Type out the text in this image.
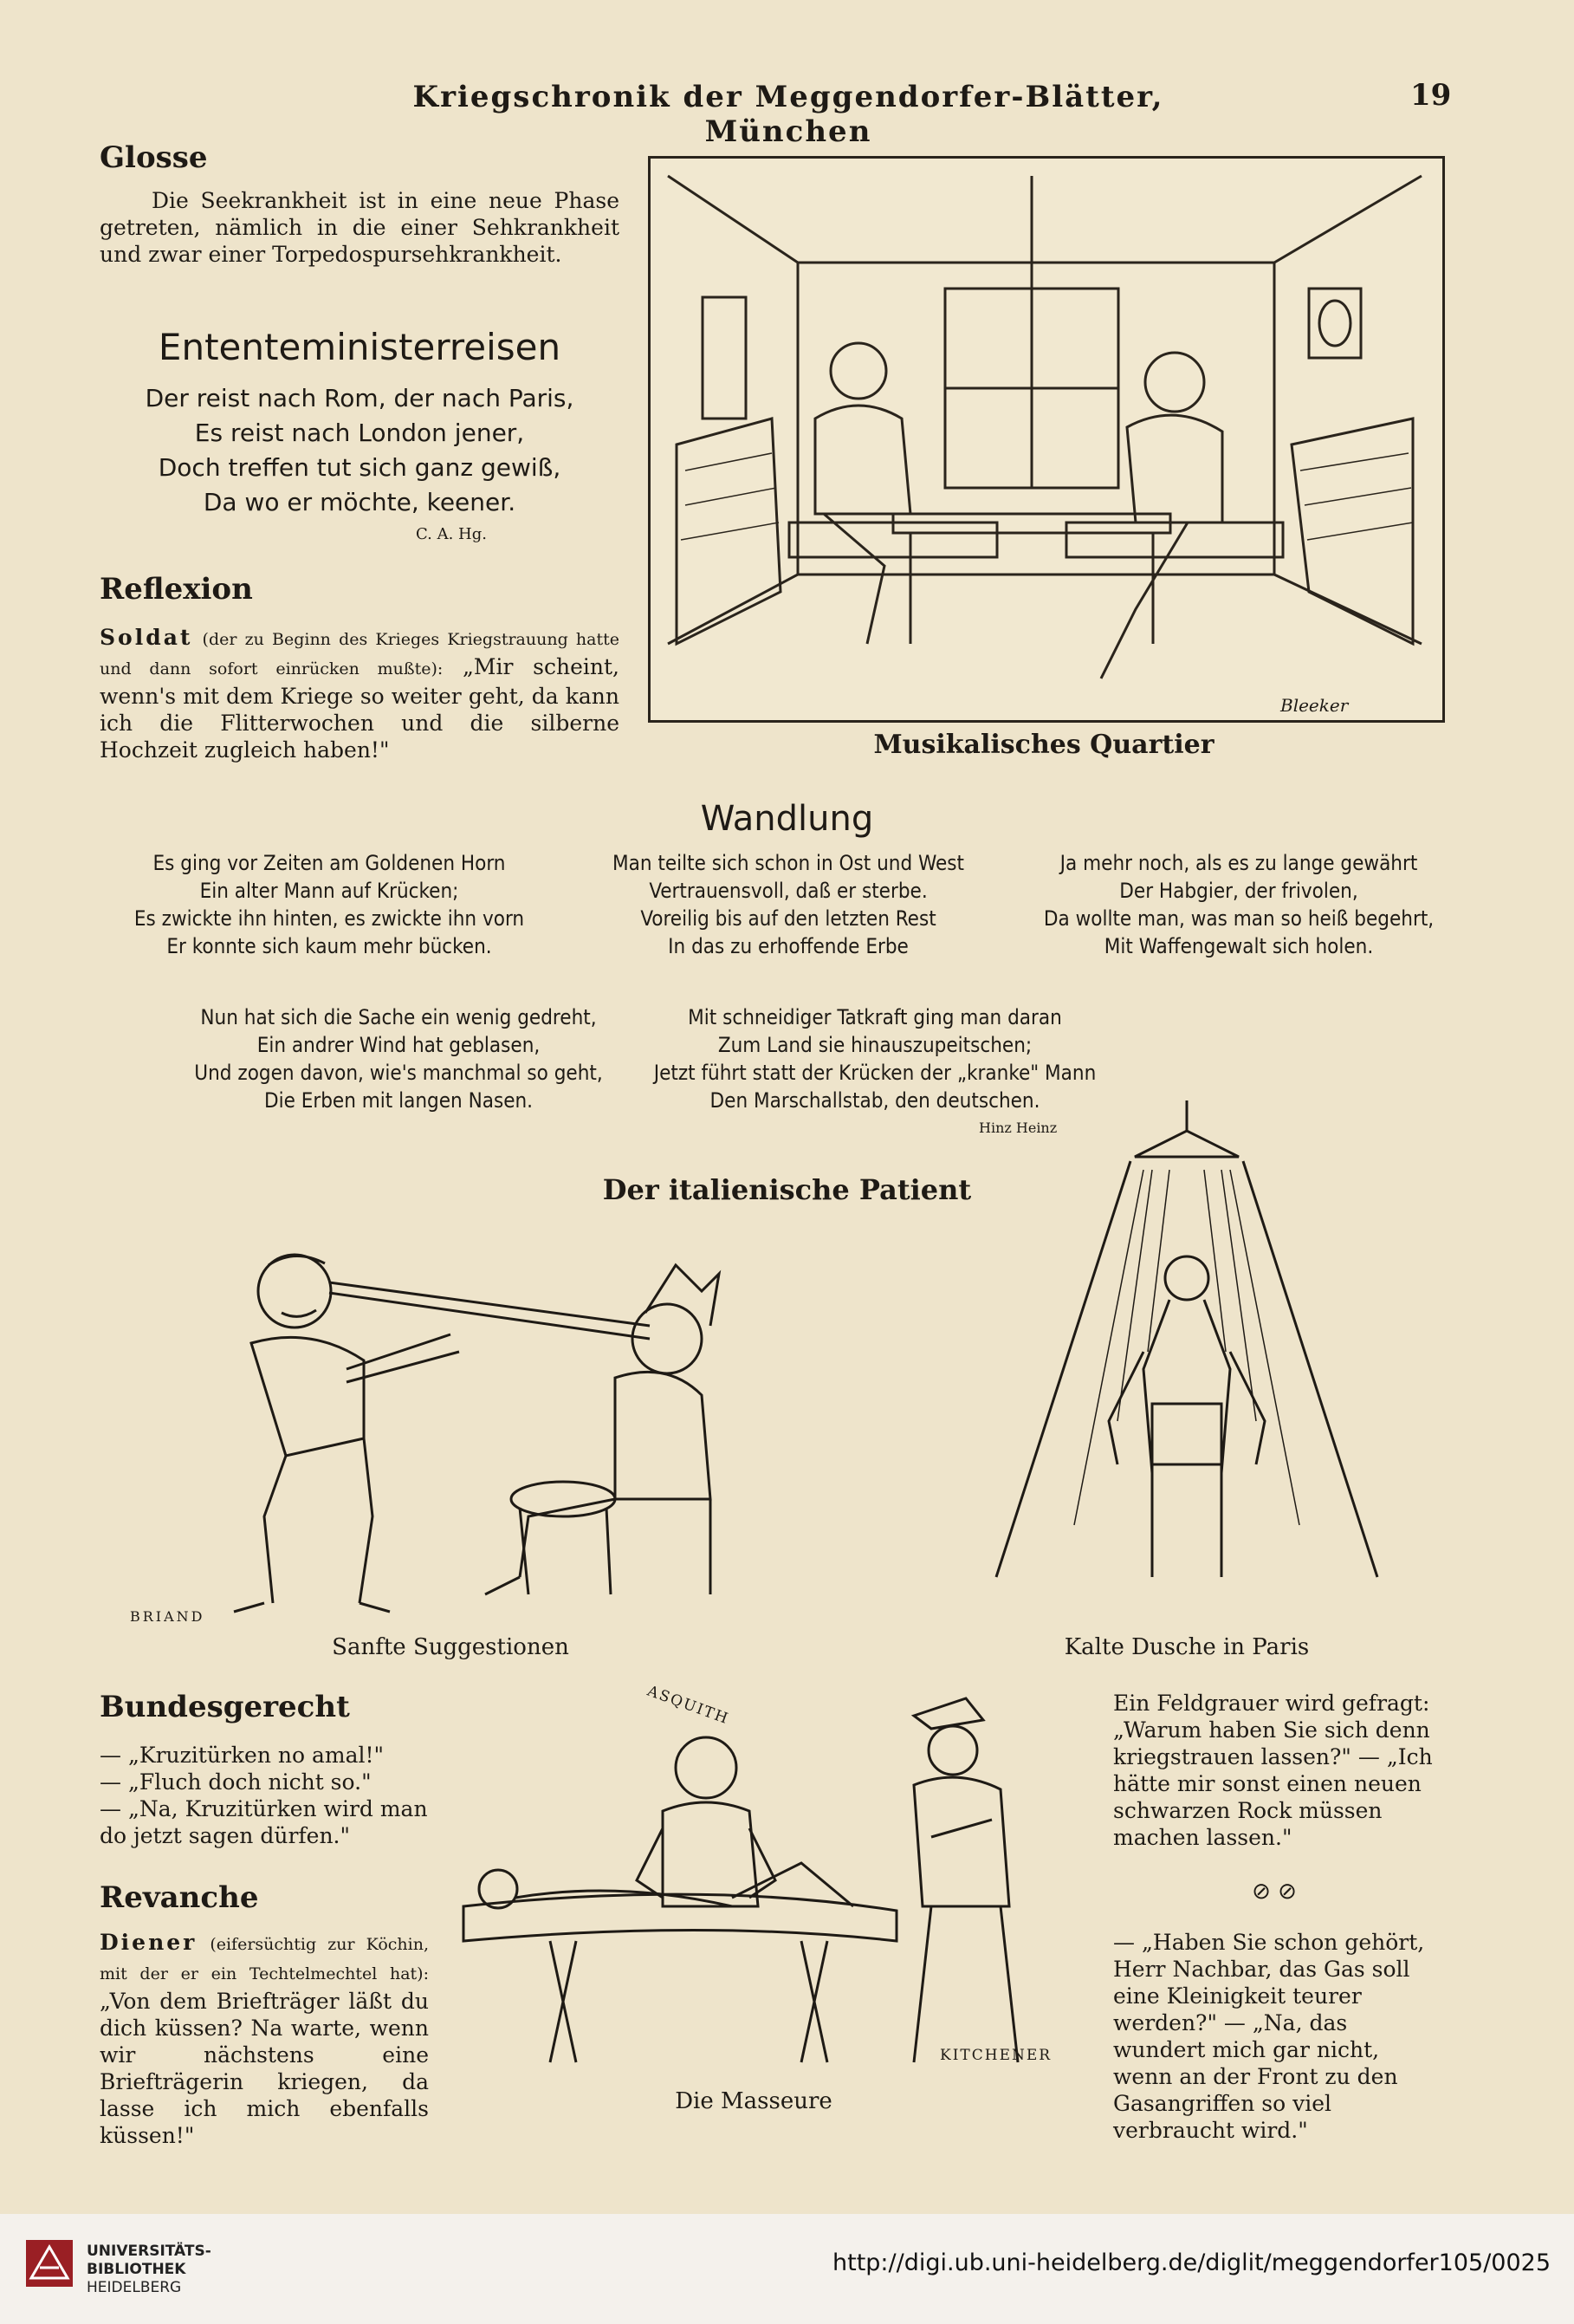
Kriegschronik der Meggendorfer-Blätter, München
19
Glosse
Die Seekrankheit ist in eine neue Phase getreten, nämlich in die einer Sehkrankheit und zwar einer Torpedospursehkrankheit.
Ententeministerreisen
Der reist nach Rom, der nach Paris,
Es reist nach London jener,
Doch treffen tut sich ganz gewiß,
Da wo er möchte, keener.
C. A. Hg.
Reflexion
Soldat (der zu Beginn des Krieges Kriegstrauung hatte und dann sofort einrücken mußte): „Mir scheint, wenn's mit dem Kriege so weiter geht, da kann ich die Flitterwochen und die silberne Hochzeit zugleich haben!"
Bleeker
Musikalisches Quartier
Wandlung
Es ging vor Zeiten am Goldenen Horn
Ein alter Mann auf Krücken;
Es zwickte ihn hinten, es zwickte ihn vorn
Er konnte sich kaum mehr bücken.
Man teilte sich schon in Ost und West
Vertrauensvoll, daß er sterbe.
Voreilig bis auf den letzten Rest
In das zu erhoffende Erbe
Ja mehr noch, als es zu lange gewährt
Der Habgier, der frivolen,
Da wollte man, was man so heiß begehrt,
Mit Waffengewalt sich holen.
Nun hat sich die Sache ein wenig gedreht,
Ein andrer Wind hat geblasen,
Und zogen davon, wie's manchmal so geht,
Die Erben mit langen Nasen.
Mit schneidiger Tatkraft ging man daran
Zum Land sie hinauszupeitschen;
Jetzt führt statt der Krücken der „kranke" Mann
Den Marschallstab, den deutschen.
Hinz Heinz
Der italienische Patient
BRIAND
Sanfte Suggestionen	Kalte Dusche in Paris
Bundesgerecht

— „Kruzitürken no amal!"

— „Fluch doch nicht so."

— „Na, Kruzitürken wird man do jetzt sagen dürfen."

Revanche
Diener (eifersüchtig zur Köchin, mit der er ein Techtelmechtel hat): „Von dem Briefträger läßt du dich küssen? Na warte, wenn wir nächstens eine Briefträgerin kriegen, da lasse ich mich ebenfalls küssen!"
ASQUITH
KITCHENER
Die Masseure
Ein Feldgrauer wird gefragt: „Warum haben Sie sich denn kriegstrauen lassen?" — „Ich hätte mir sonst einen neuen schwarzen Rock müssen machen lassen."
⊘ ⊘
— „Haben Sie schon gehört, Herr Nachbar, das Gas soll eine Kleinigkeit teurer werden?" — „Na, das wundert mich gar nicht, wenn an der Front zu den Gasangriffen so viel verbraucht wird."
UNIVERSITÄTS-
BIBLIOTHEK
HEIDELBERG
http://digi.ub.uni-heidelberg.de/diglit/meggendorfer105/0025
